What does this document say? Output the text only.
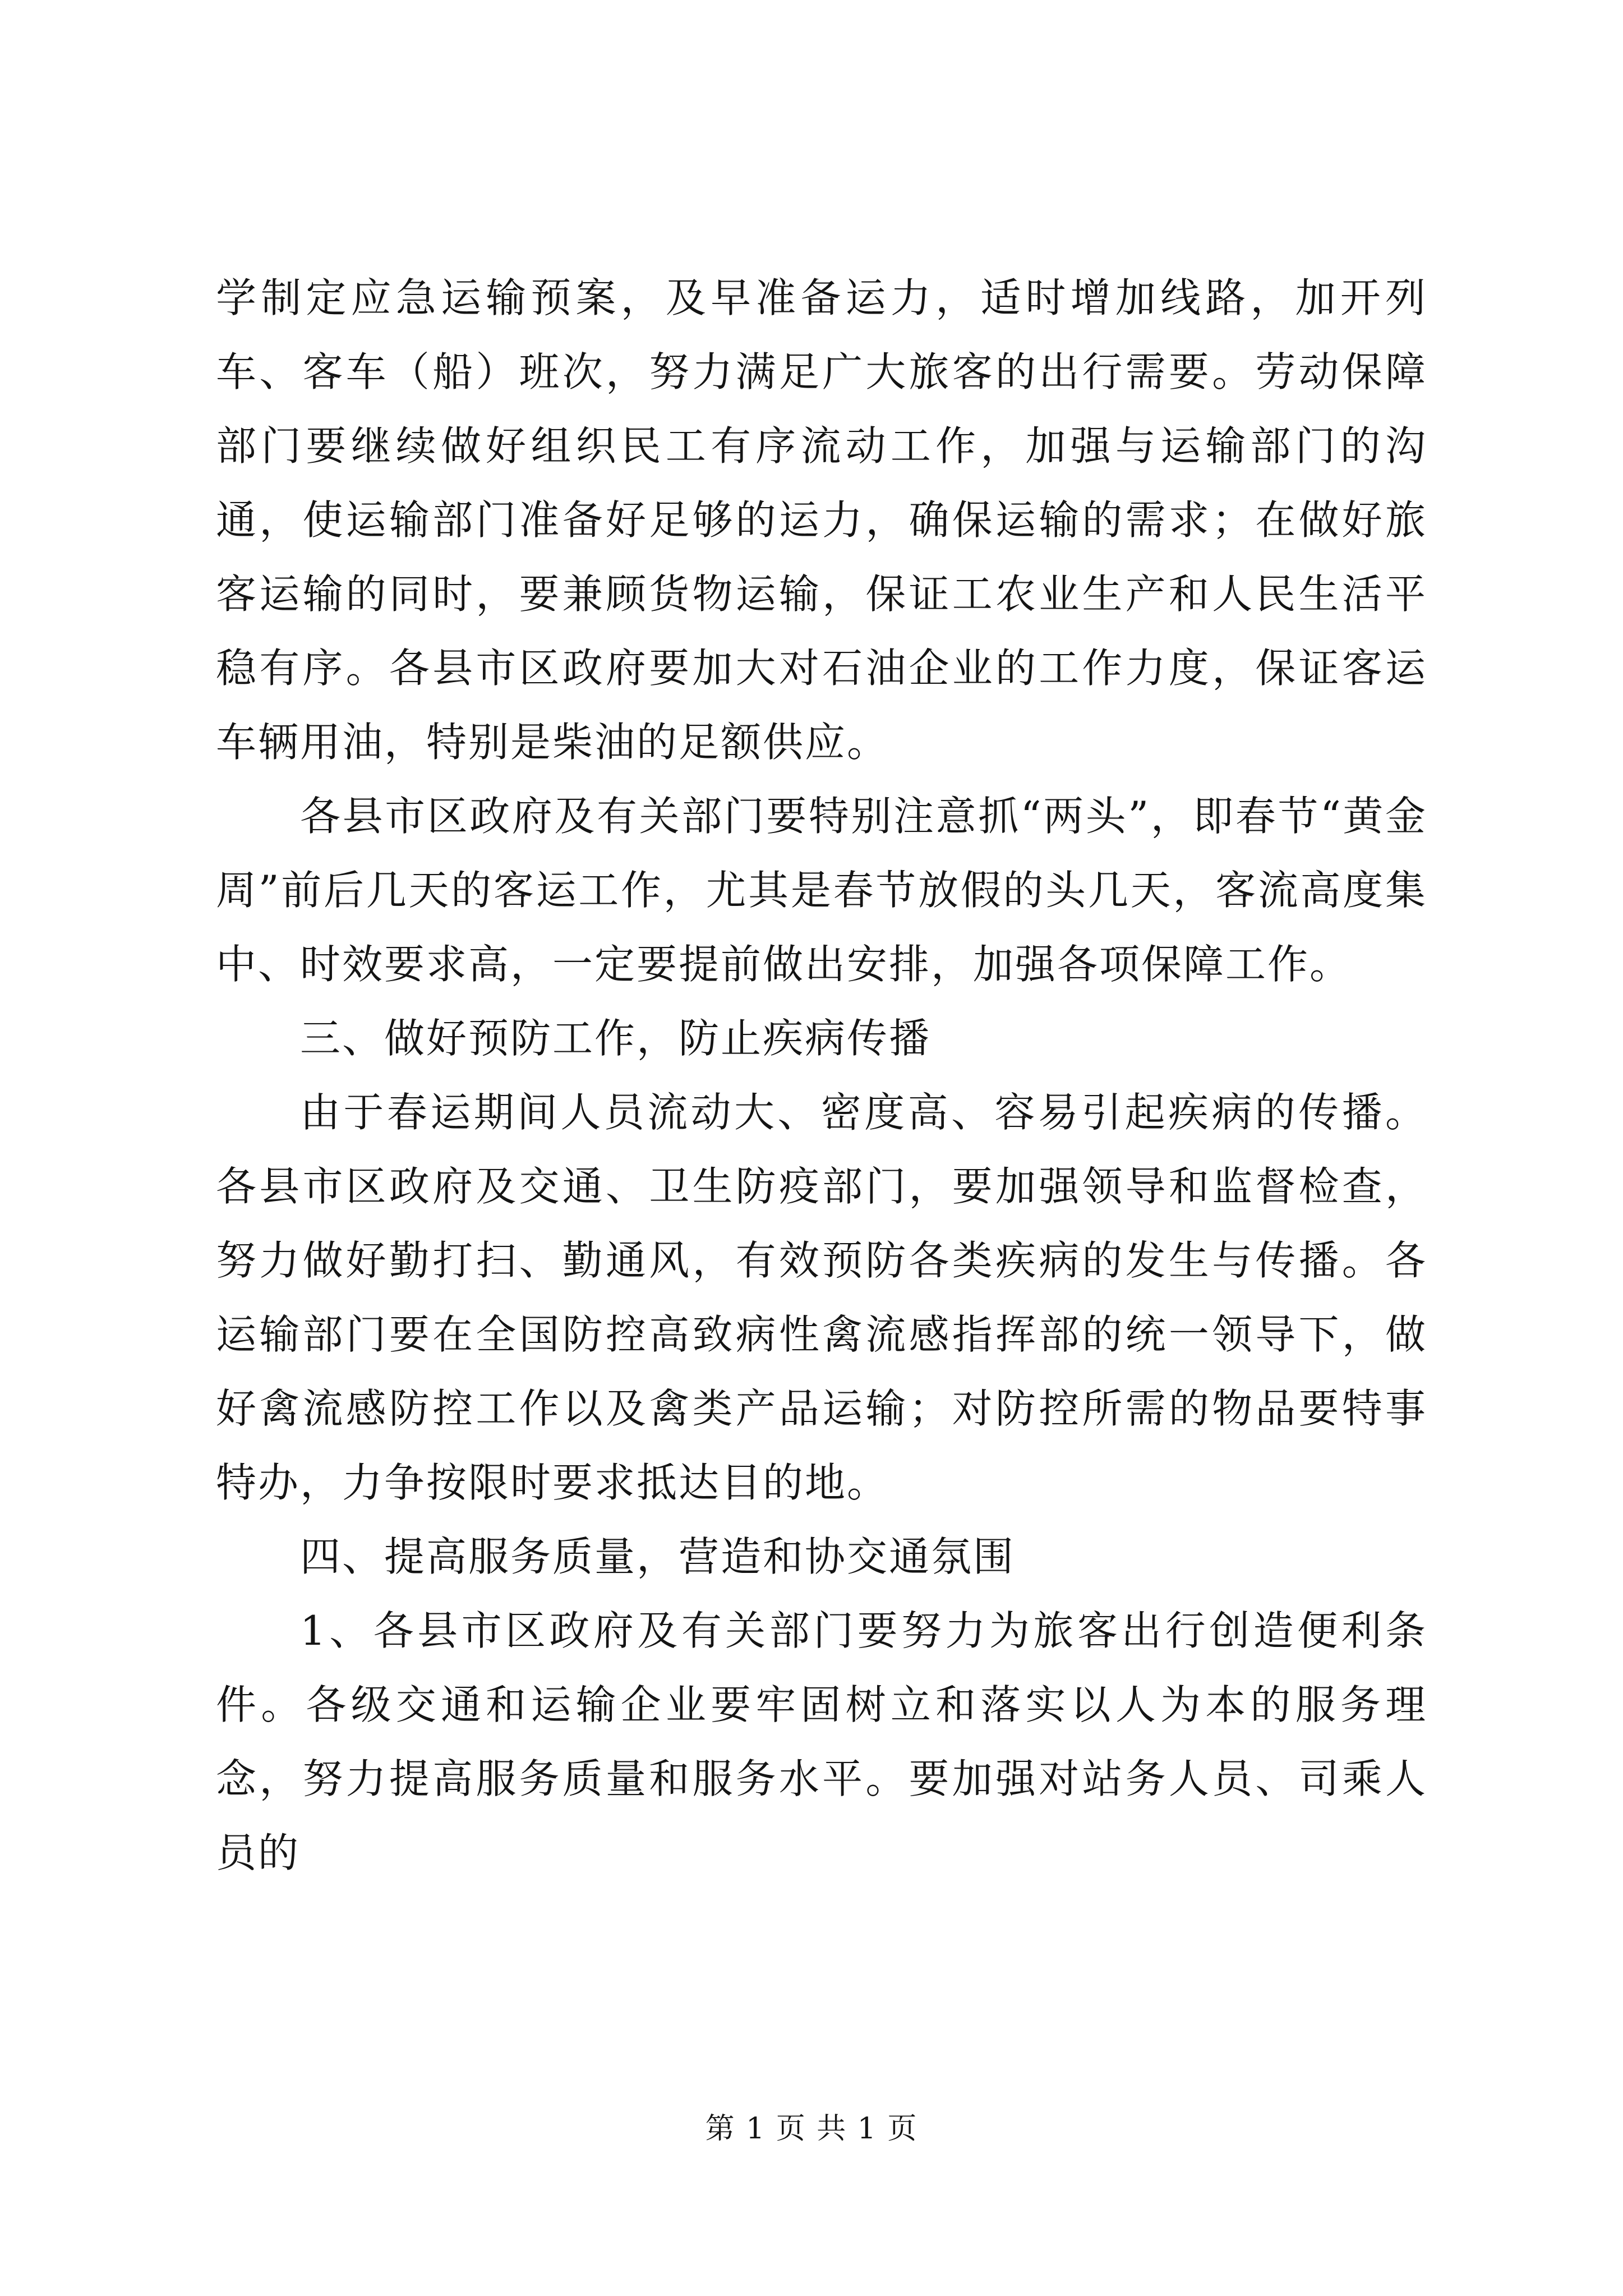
学制定应急运输预案，及早准备运力，适时增加线路，加开列车、客车（船）班次，努力满足广大旅客的出行需要。劳动保障部门要继续做好组织民工有序流动工作，加强与运输部门的沟通，使运输部门准备好足够的运力，确保运输的需求；在做好旅客运输的同时，要兼顾货物运输，保证工农业生产和人民生活平稳有序。各县市区政府要加大对石油企业的工作力度，保证客运车辆用油，特别是柴油的足额供应。

各县市区政府及有关部门要特别注意抓“两头”，即春节“黄金周”前后几天的客运工作，尤其是春节放假的头几天，客流高度集中、时效要求高，一定要提前做出安排，加强各项保障工作。

三、做好预防工作，防止疾病传播

由于春运期间人员流动大、密度高、容易引起疾病的传播。各县市区政府及交通、卫生防疫部门，要加强领导和监督检查，努力做好勤打扫、勤通风，有效预防各类疾病的发生与传播。各运输部门要在全国防控高致病性禽流感指挥部的统一领导下，做好禽流感防控工作以及禽类产品运输；对防控所需的物品要特事特办，力争按限时要求抵达目的地。

四、提高服务质量，营造和协交通氛围

1、各县市区政府及有关部门要努力为旅客出行创造便利条件。各级交通和运输企业要牢固树立和落实以人为本的服务理念，努力提高服务质量和服务水平。要加强对站务人员、司乘人员的

第 1 页 共 1 页
